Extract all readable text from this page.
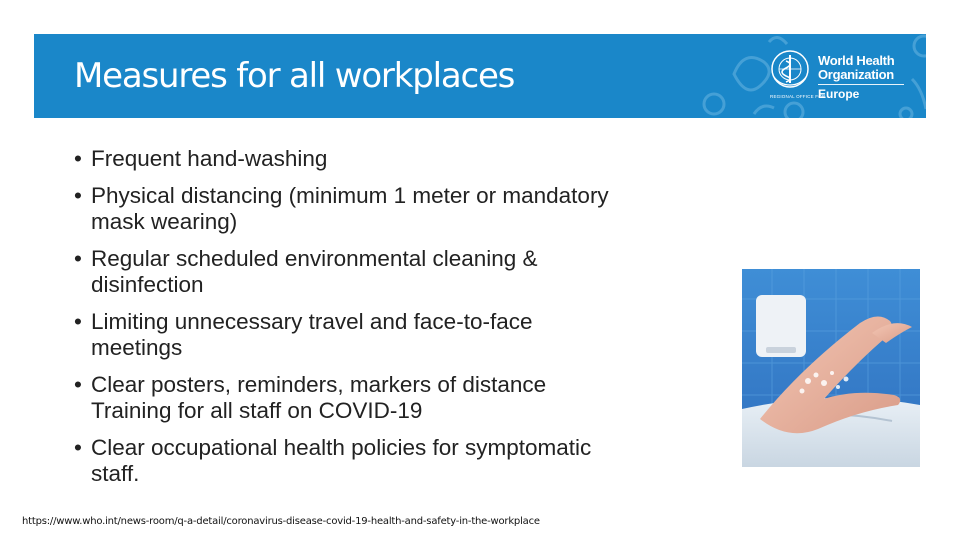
Measures for all workplaces	World Health
Organization
Europe
REGIONAL OFFICE FOR
• Frequent hand-washing
• Physical distancing (minimum 1 meter or mandatory
mask wearing)
• Regular scheduled environmental cleaning &
disinfection
• Limiting unnecessary travel and face-to-face
meetings
• Clear posters, reminders, markers of distance
Training for all staff on COVID-19
• Clear occupational health policies for symptomatic
staff.
https://www.who.int/news-room/q-a-detail/coronavirus-disease-covid-19-health-and-safety-in-the-workplace
